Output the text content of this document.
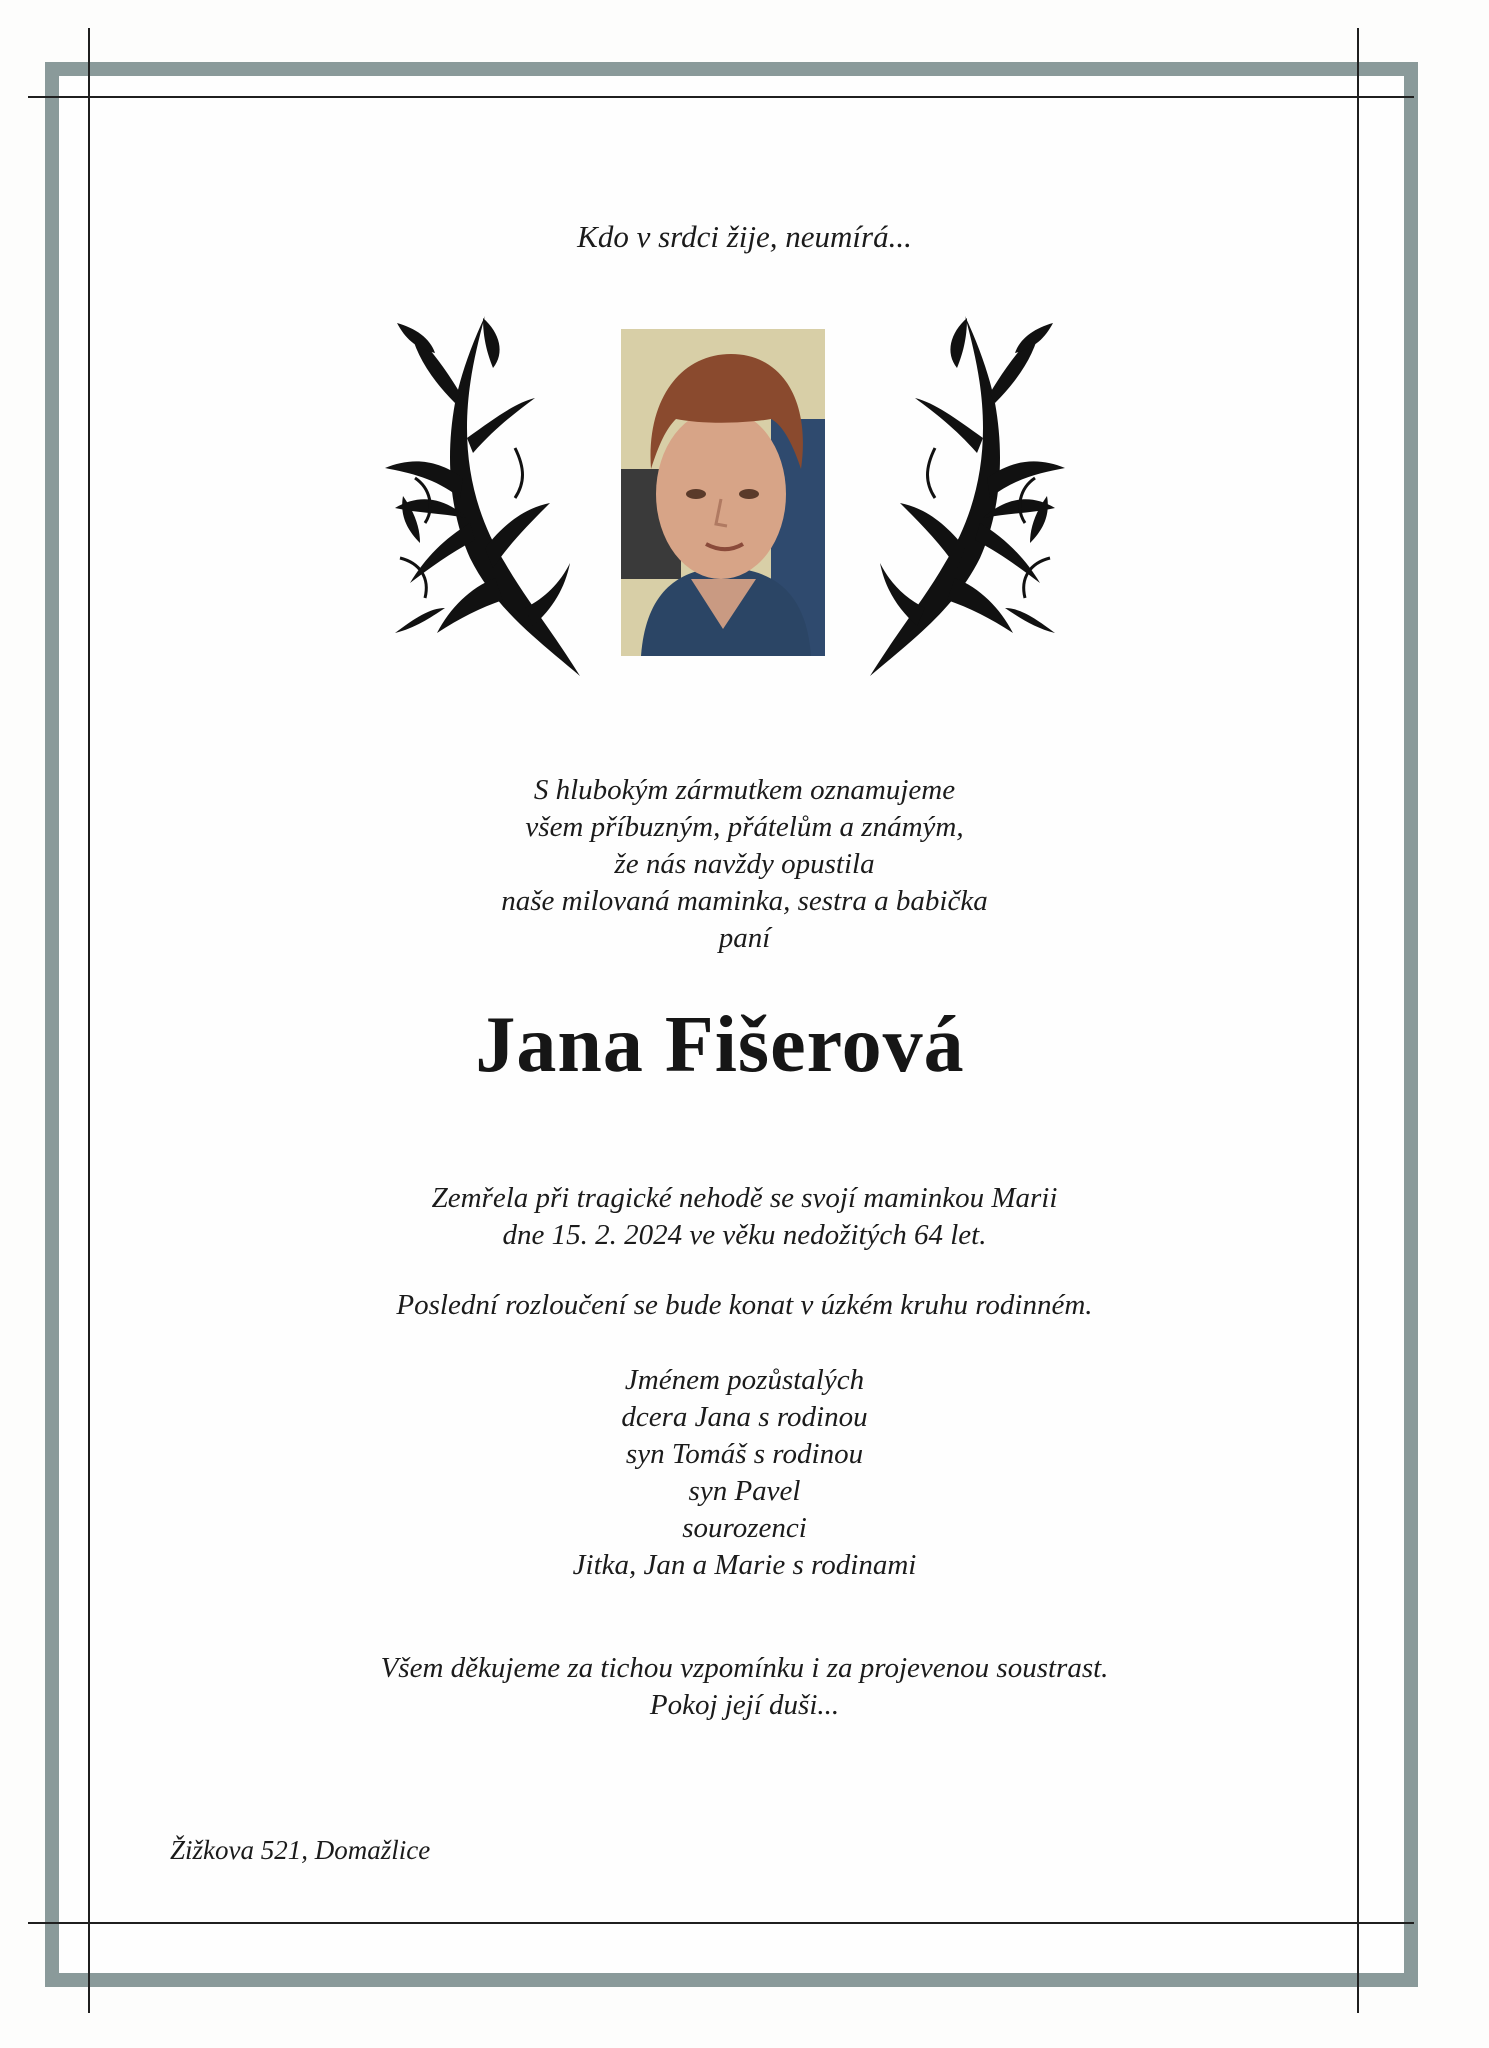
Kdo v srdci žije, neumírá...
S hlubokým zármutkem oznamujeme
všem příbuzným, přátelům a známým,
že nás navždy opustila
naše milovaná maminka, sestra a babička
paní
Jana Fišerová
Zemřela při tragické nehodě se svojí maminkou Marii
dne 15. 2. 2024 ve věku nedožitých 64 let.
Poslední rozloučení se bude konat v úzkém kruhu rodinném.
Jménem pozůstalých
dcera Jana s rodinou
syn Tomáš s rodinou
syn Pavel
sourozenci
Jitka, Jan a Marie s rodinami
Všem děkujeme za tichou vzpomínku i za projevenou soustrast.
Pokoj její duši...
Žižkova 521, Domažlice
